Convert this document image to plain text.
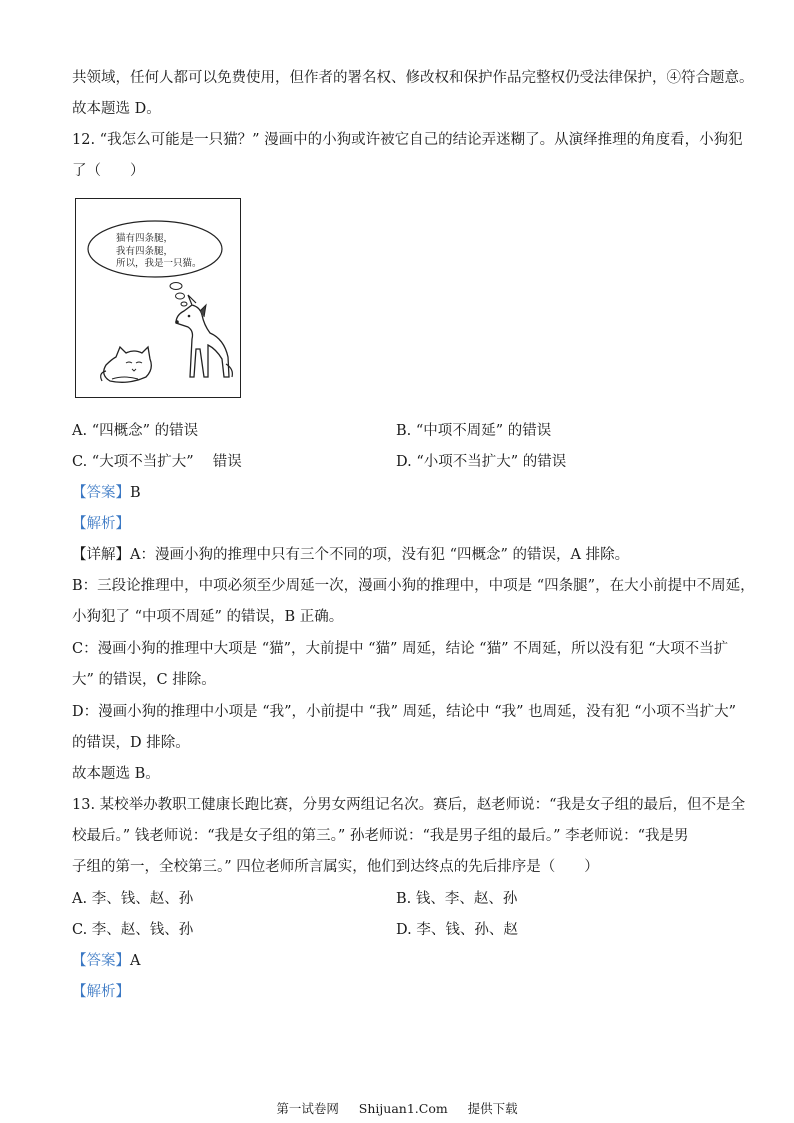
共领域，任何人都可以免费使用，但作者的署名权、修改权和保护作品完整权仍受法律保护，④符合题意。
故本题选 D。
12. “我怎么可能是一只猫？” 漫画中的小狗或许被它自己的结论弄迷糊了。从演绎推理的角度看，小狗犯
了（　　）
猫有四条腿，
我有四条腿，
所以，我是一只猫。
A. “四概念” 的错误	B. “中项不周延” 的错误
C. “大项不当扩大”　 错误	D. “小项不当扩大” 的错误
【答案】B
【解析】
【详解】A：漫画小狗的推理中只有三个不同的项，没有犯 “四概念” 的错误，A 排除。
B：三段论推理中，中项必须至少周延一次，漫画小狗的推理中，中项是 “四条腿”，在大小前提中不周延，
小狗犯了 “中项不周延” 的错误，B 正确。
C：漫画小狗的推理中大项是 “猫”，大前提中 “猫” 周延，结论 “猫” 不周延，所以没有犯 “大项不当扩
大” 的错误，C 排除。
D：漫画小狗的推理中小项是 “我”，小前提中 “我” 周延，结论中 “我” 也周延，没有犯 “小项不当扩大”
的错误，D 排除。
故本题选 B。
13. 某校举办教职工健康长跑比赛，分男女两组记名次。赛后，赵老师说：“我是女子组的最后，但不是全
校最后。” 钱老师说：“我是女子组的第三。” 孙老师说：“我是男子组的最后。” 李老师说：“我是男
子组的第一，全校第三。” 四位老师所言属实，他们到达终点的先后排序是（　　）
A. 李、钱、赵、孙	B. 钱、李、赵、孙
C. 李、赵、钱、孙	D. 李、钱、孙、赵
【答案】A
【解析】
第一试卷网 Shijuan1.Com 提供下载
